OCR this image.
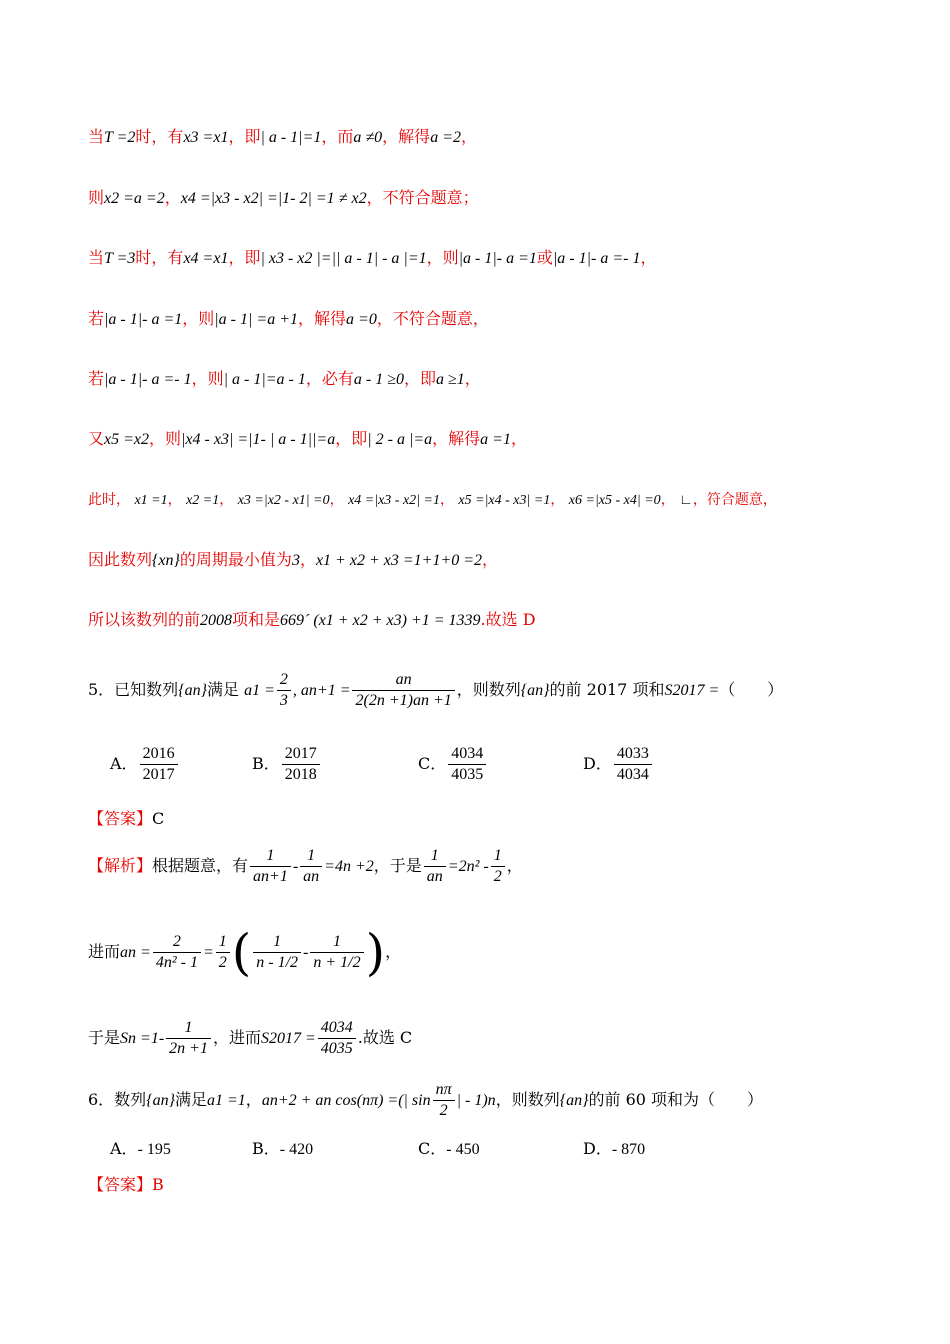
当T =2时，有x3 =x1，即| a - 1|=1，而a ≠0，解得a =2，
则x2 =a =2，x4 =|x3 - x2| =|1- 2| =1 ≠ x2，不符合题意；
当T =3时，有x4 =x1，即| x3 - x2 |=|| a - 1| - a |=1，则|a - 1|- a =1或|a - 1|- a =- 1，
若|a - 1|- a =1，则|a - 1| =a +1，解得a =0，不符合题意，
若|a - 1|- a =- 1，则| a - 1|=a - 1，必有a - 1 ≥0，即a ≥1，
又x5 =x2，则|x4 - x3| =|1- | a - 1||=a，即| 2 - a |=a，解得a =1，
此时， x1 =1， x2 =1， x3 =|x2 - x1| =0， x4 =|x3 - x2| =1， x5 =|x4 - x3| =1， x6 =|x5 - x4| =0， ∟，符合题意，
因此数列{xn}的周期最小值为3，x1 + x2 + x3 =1+1+0 =2，
所以该数列的前2008项和是669´ (x1 + x2 + x3) +1 = 1339.故选 D
5．已知数列{an}满足 $a1 = \frac{2}{3}$ , $an+1 = \frac{an}{2(2n +1)an +1}$ ，则数列{an}的前 2017 项和S2017 =（　　）
A． $\frac{2016}{2017}$	B． $\frac{2017}{2018}$	C． $\frac{4034}{4035}$	D． $\frac{4033}{4034}$
【答案】C
【解析】根据题意，有 $\frac{1}{an+1} - \frac{1}{an} =4n +2$，于是 $\frac{1}{an} =2n^2 - \frac{1}{2}$ ，
进而an = $\frac{2}{\text{4n² - 1}} = \frac{1}{2}$ ( $\frac{1}{n - 1/2} - \frac{1}{n + 1/2}$ )，
于是$Sn =1- \frac{1}{2n +1}$ ，进而$S2017 = \frac{4034}{4035}$ .故选 C
6．数列{an}满足a1 =1，an+2 + an cos(nπ) =(| $\sin \frac{n\pi}{2}$ | - 1)n，则数列{an}的前 60 项和为（　　）
A．- 195	B．- 420	C．- 450	D．- 870
【答案】B
